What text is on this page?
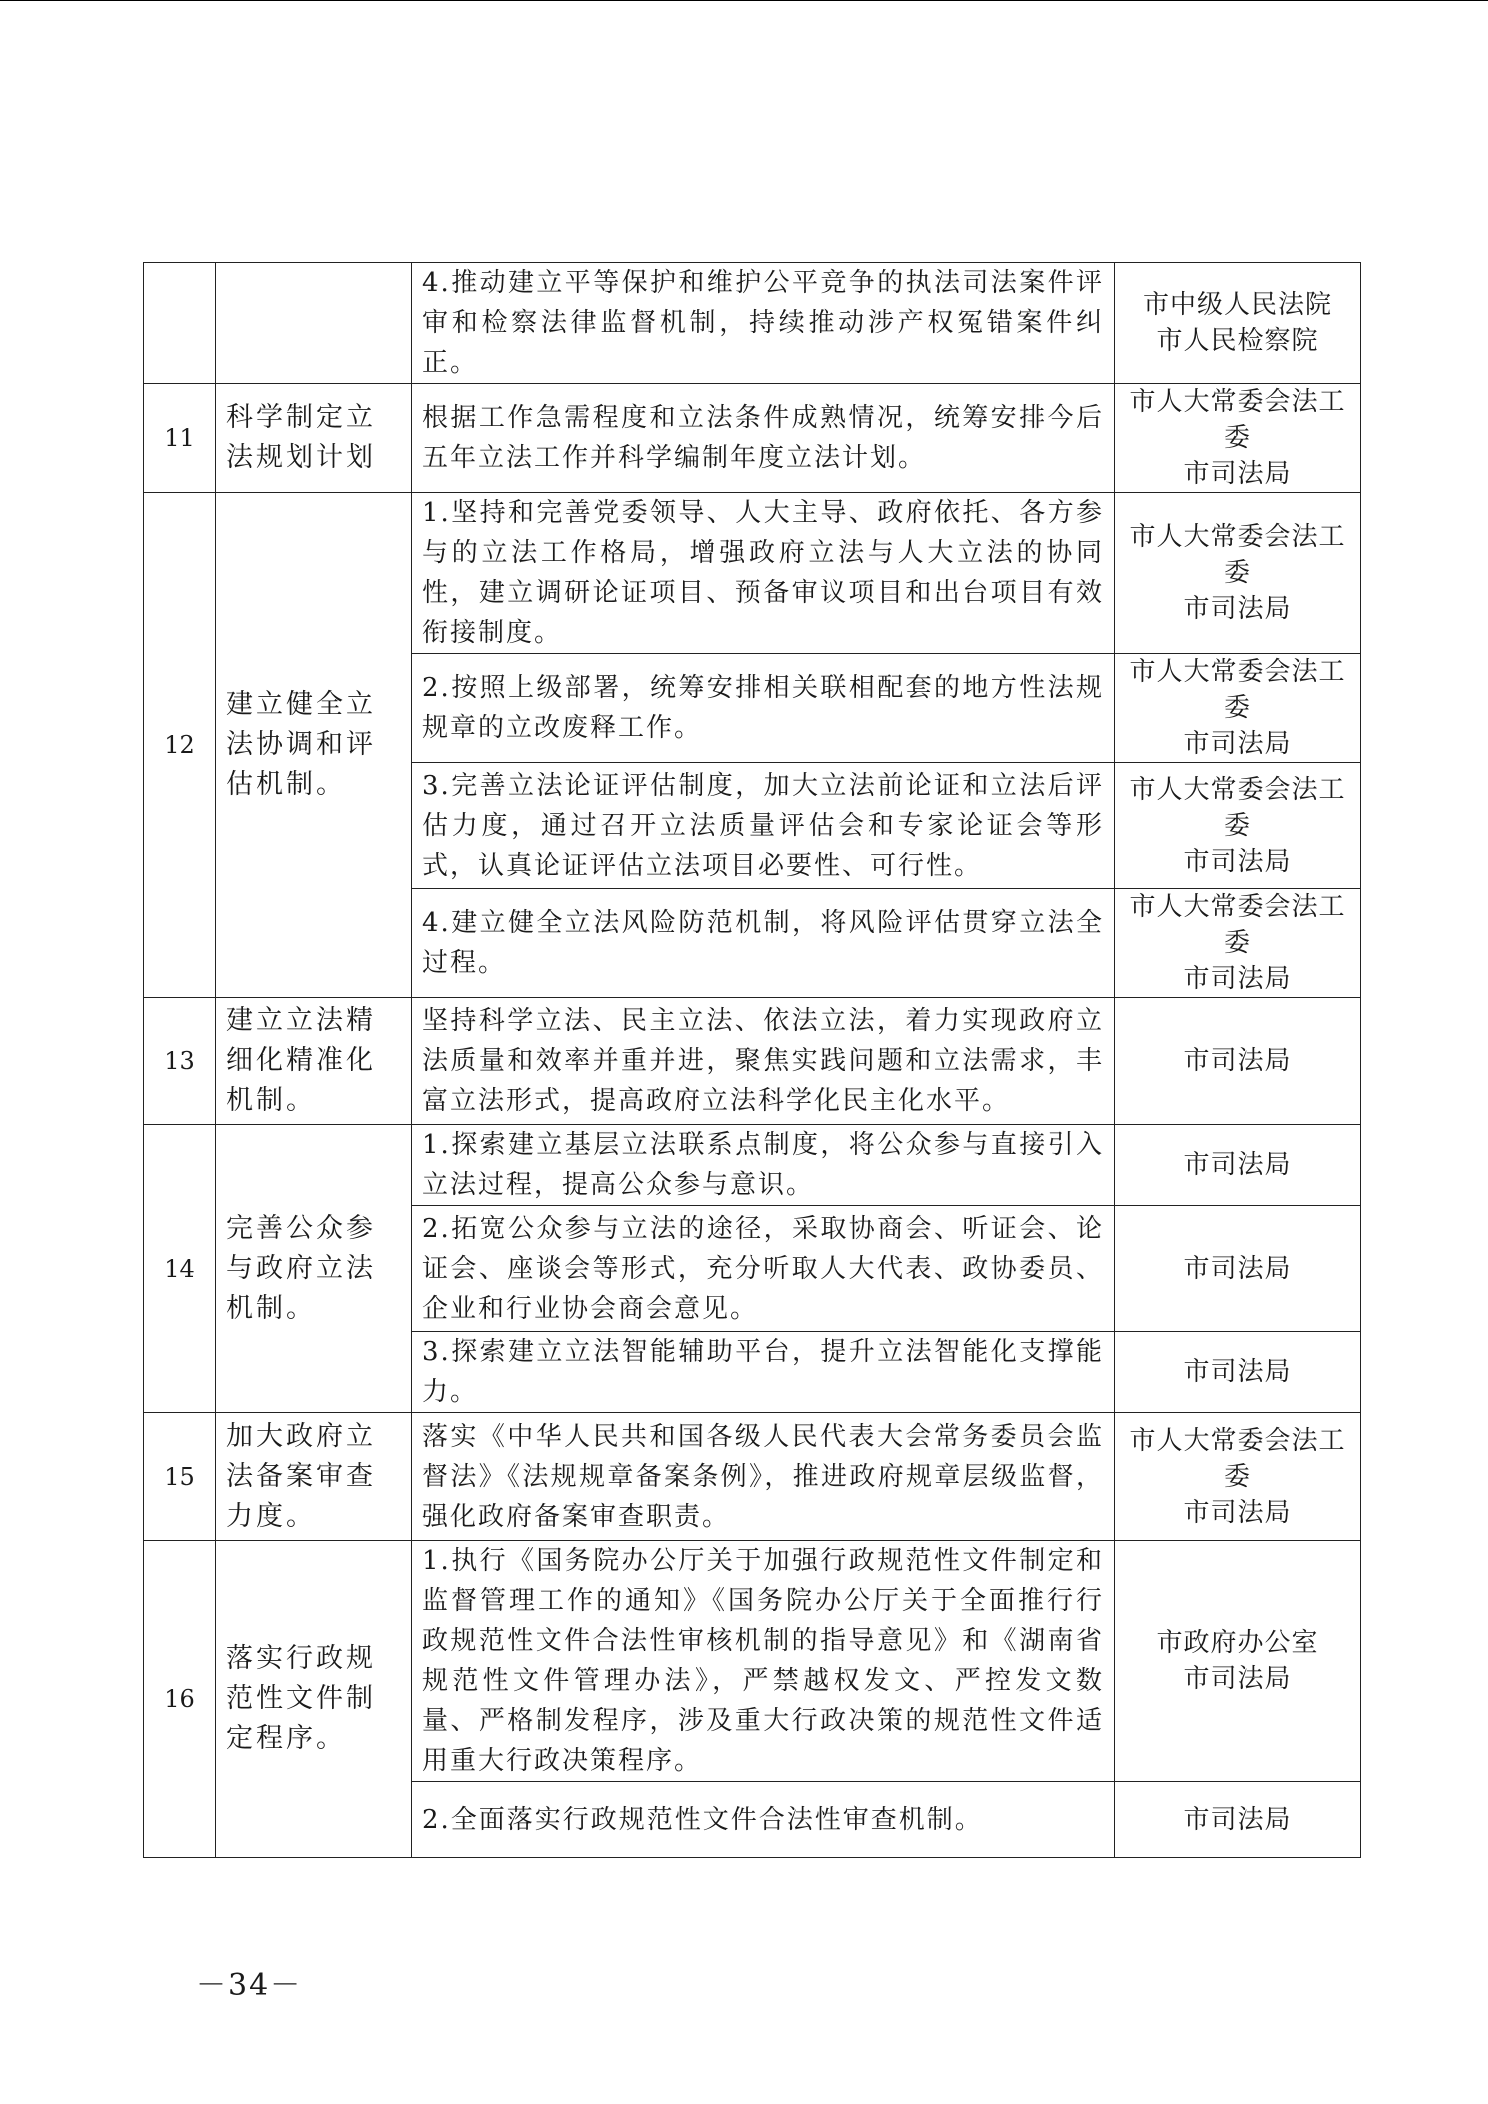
		4.推动建立平等保护和维护公平竞争的执法司法案件评审和检察法律监督机制，持续推动涉产权冤错案件纠正。	市中级人民法院
市人民检察院

11	科学制定立法规划计划	根据工作急需程度和立法条件成熟情况，统筹安排今后五年立法工作并科学编制年度立法计划。	市人大常委会法工委
市司法局

12	建立健全立法协调和评估机制。	1.坚持和完善党委领导、人大主导、政府依托、各方参与的立法工作格局，增强政府立法与人大立法的协同性，建立调研论证项目、预备审议项目和出台项目有效衔接制度。	市人大常委会法工委
市司法局

		2.按照上级部署，统筹安排相关联相配套的地方性法规规章的立改废释工作。	市人大常委会法工委
市司法局

		3.完善立法论证评估制度，加大立法前论证和立法后评估力度，通过召开立法质量评估会和专家论证会等形式，认真论证评估立法项目必要性、可行性。	市人大常委会法工委
市司法局

		4.建立健全立法风险防范机制，将风险评估贯穿立法全过程。	市人大常委会法工委
市司法局

13	建立立法精细化精准化机制。	坚持科学立法、民主立法、依法立法，着力实现政府立法质量和效率并重并进，聚焦实践问题和立法需求，丰富立法形式，提高政府立法科学化民主化水平。	市司法局

14	完善公众参与政府立法机制。	1.探索建立基层立法联系点制度，将公众参与直接引入立法过程，提高公众参与意识。	市司法局

		2.拓宽公众参与立法的途径，采取协商会、听证会、论证会、座谈会等形式，充分听取人大代表、政协委员、企业和行业协会商会意见。	市司法局

		3.探索建立立法智能辅助平台，提升立法智能化支撑能力。	市司法局

15	加大政府立法备案审查力度。	落实《中华人民共和国各级人民代表大会常务委员会监督法》《法规规章备案条例》，推进政府规章层级监督，强化政府备案审查职责。	市人大常委会法工委
市司法局

16	落实行政规范性文件制定程序。	1.执行《国务院办公厅关于加强行政规范性文件制定和监督管理工作的通知》《国务院办公厅关于全面推行行政规范性文件合法性审核机制的指导意见》和《湖南省规范性文件管理办法》，严禁越权发文、严控发文数量、严格制发程序，涉及重大行政决策的规范性文件适用重大行政决策程序。	市政府办公室
市司法局

		2.全面落实行政规范性文件合法性审查机制。	市司法局
－34－
